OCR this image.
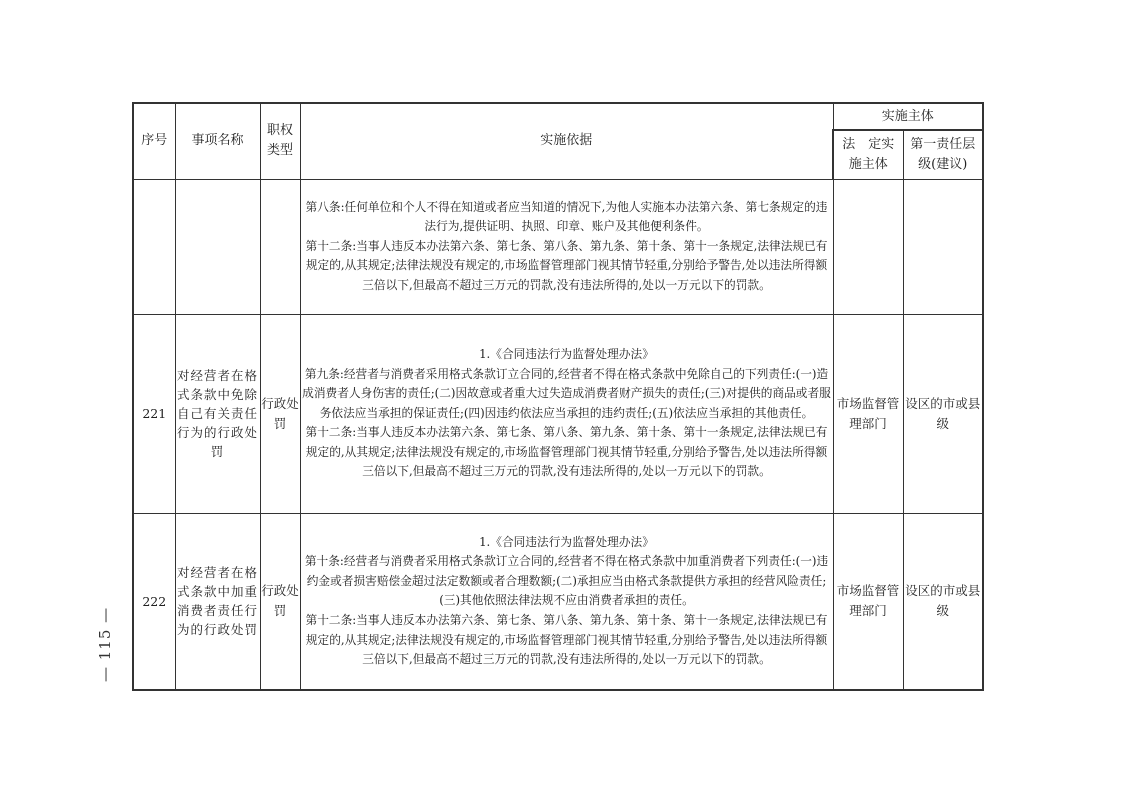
— 115 —
序号	事项名称	职权类型	实施依据	实施主体	
				法　定实施主体	第一责任层级(建议)

			第八条:任何单位和个人不得在知道或者应当知道的情况下,为他人实施本办法第六条、第七条规定的违法行为,提供证明、执照、印章、账户及其他便利条件。

第十二条:当事人违反本办法第六条、第七条、第八条、第九条、第十条、第十一条规定,法律法规已有规定的,从其规定;法律法规没有规定的,市场监督管理部门视其情节轻重,分别给予警告,处以违法所得额三倍以下,但最高不超过三万元的罚款,没有违法所得的,处以一万元以下的罚款。		

221	对经营者在格式条款中免除自己有关责任行为的行政处罚	行政处罚	1.《合同违法行为监督处理办法》

第九条:经营者与消费者采用格式条款订立合同的,经营者不得在格式条款中免除自己的下列责任:(一)造成消费者人身伤害的责任;(二)因故意或者重大过失造成消费者财产损失的责任;(三)对提供的商品或者服务依法应当承担的保证责任;(四)因违约依法应当承担的违约责任;(五)依法应当承担的其他责任。

第十二条:当事人违反本办法第六条、第七条、第八条、第九条、第十条、第十一条规定,法律法规已有规定的,从其规定;法律法规没有规定的,市场监督管理部门视其情节轻重,分别给予警告,处以违法所得额三倍以下,但最高不超过三万元的罚款,没有违法所得的,处以一万元以下的罚款。	市场监督管理部门	设区的市或县级
222	对经营者在格式条款中加重消费者责任行为的行政处罚	行政处罚	1.《合同违法行为监督处理办法》

第十条:经营者与消费者采用格式条款订立合同的,经营者不得在格式条款中加重消费者下列责任:(一)违约金或者损害赔偿金超过法定数额或者合理数额;(二)承担应当由格式条款提供方承担的经营风险责任;(三)其他依照法律法规不应由消费者承担的责任。

第十二条:当事人违反本办法第六条、第七条、第八条、第九条、第十条、第十一条规定,法律法规已有规定的,从其规定;法律法规没有规定的,市场监督管理部门视其情节轻重,分别给予警告,处以违法所得额三倍以下,但最高不超过三万元的罚款,没有违法所得的,处以一万元以下的罚款。	市场监督管理部门	设区的市或县级
